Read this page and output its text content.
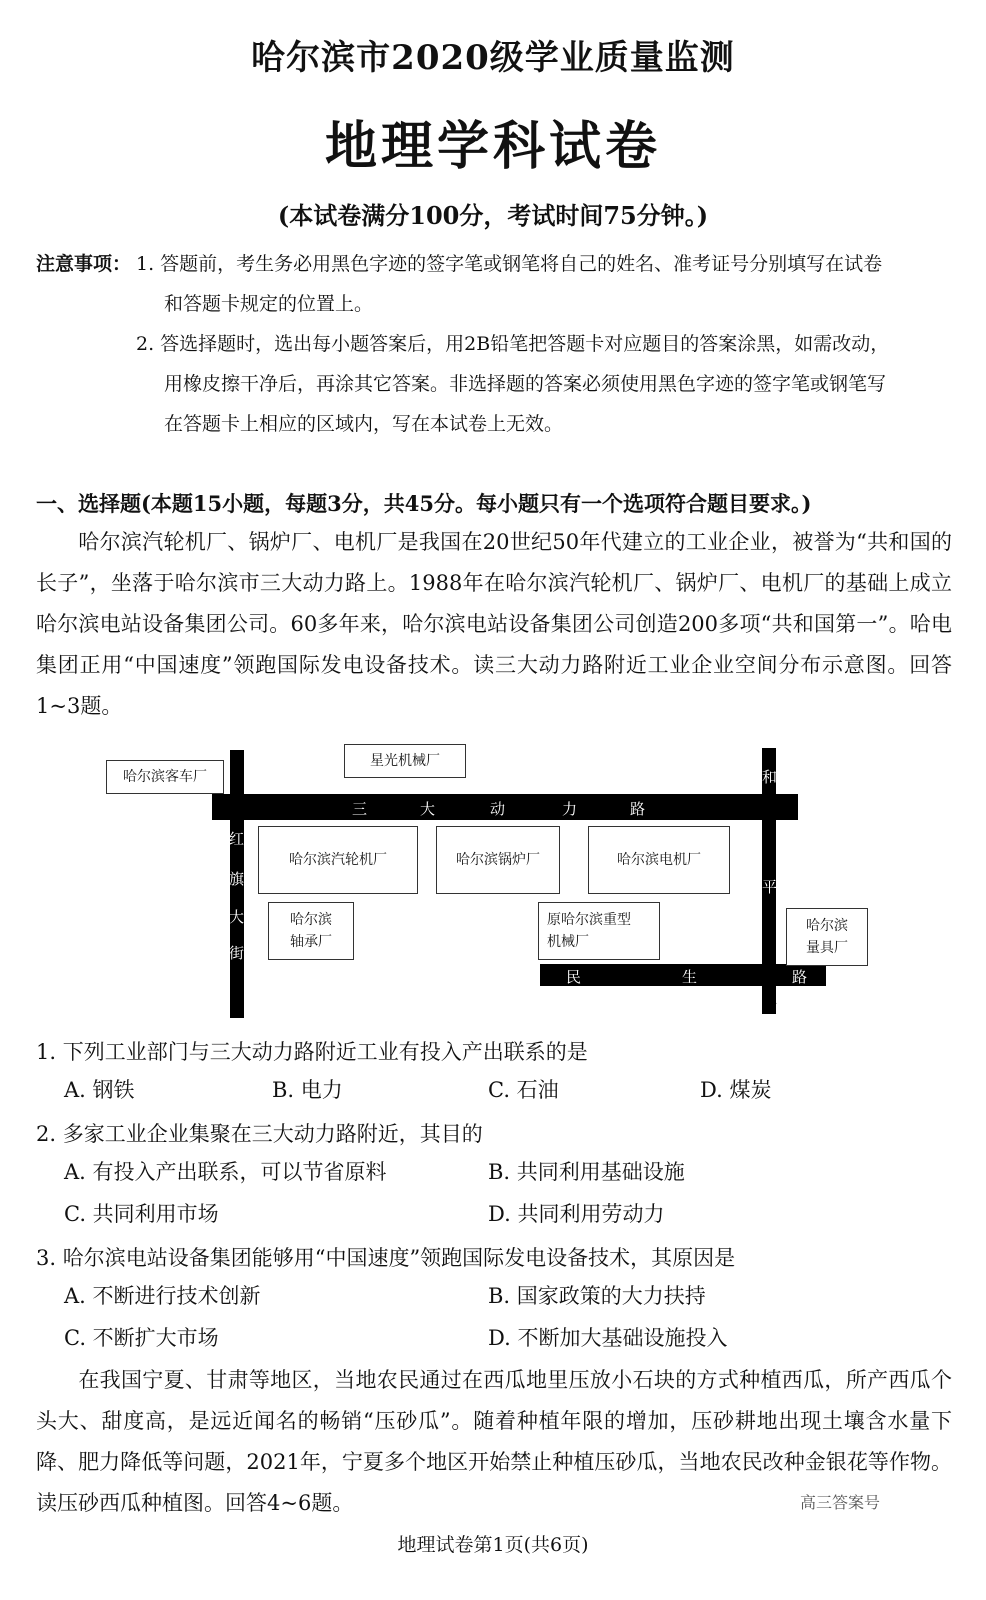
哈尔滨市2020级学业质量监测
地理学科试卷
(本试卷满分100分，考试时间75分钟。)
注意事项： 1. 答题前，考生务必用黑色字迹的签字笔或钢笔将自己的姓名、准考证号分别填写在试卷
和答题卡规定的位置上。
2. 答选择题时，选出每小题答案后，用2B铅笔把答题卡对应题目的答案涂黑，如需改动，
用橡皮擦干净后，再涂其它答案。非选择题的答案必须使用黑色字迹的签字笔或钢笔写
在答题卡上相应的区域内，写在本试卷上无效。
一、选择题(本题15小题，每题3分，共45分。每小题只有一个选项符合题目要求。)
哈尔滨汽轮机厂、锅炉厂、电机厂是我国在20世纪50年代建立的工业企业，被誉为“共和国的长子”，坐落于哈尔滨市三大动力路上。1988年在哈尔滨汽轮机厂、锅炉厂、电机厂的基础上成立哈尔滨电站设备集团公司。60多年来，哈尔滨电站设备集团公司创造200多项“共和国第一”。哈电集团正用“中国速度”领跑国际发电设备技术。读三大动力路附近工业企业空间分布示意图。回答1~3题。
三	大	动	力	路
红
旗
大
街
和
平
路
民	生	路
哈尔滨客车厂
星光机械厂
哈尔滨汽轮机厂	哈尔滨锅炉厂	哈尔滨电机厂
哈尔滨
轴承厂
原哈尔滨重型
机械厂
哈尔滨
量具厂
1. 下列工业部门与三大动力路附近工业有投入产出联系的是
A. 钢铁	B. 电力	C. 石油	D. 煤炭
2. 多家工业企业集聚在三大动力路附近，其目的
A. 有投入产出联系，可以节省原料	B. 共同利用基础设施
C. 共同利用市场	D. 共同利用劳动力
3. 哈尔滨电站设备集团能够用“中国速度”领跑国际发电设备技术，其原因是
A. 不断进行技术创新	B. 国家政策的大力扶持
C. 不断扩大市场	D. 不断加大基础设施投入
在我国宁夏、甘肃等地区，当地农民通过在西瓜地里压放小石块的方式种植西瓜，所产西瓜个头大、甜度高，是远近闻名的畅销“压砂瓜”。随着种植年限的增加，压砂耕地出现土壤含水量下降、肥力降低等问题，2021年，宁夏多个地区开始禁止种植压砂瓜，当地农民改种金银花等作物。读压砂西瓜种植图。回答4~6题。	高三答案号
地理试卷第1页(共6页)
